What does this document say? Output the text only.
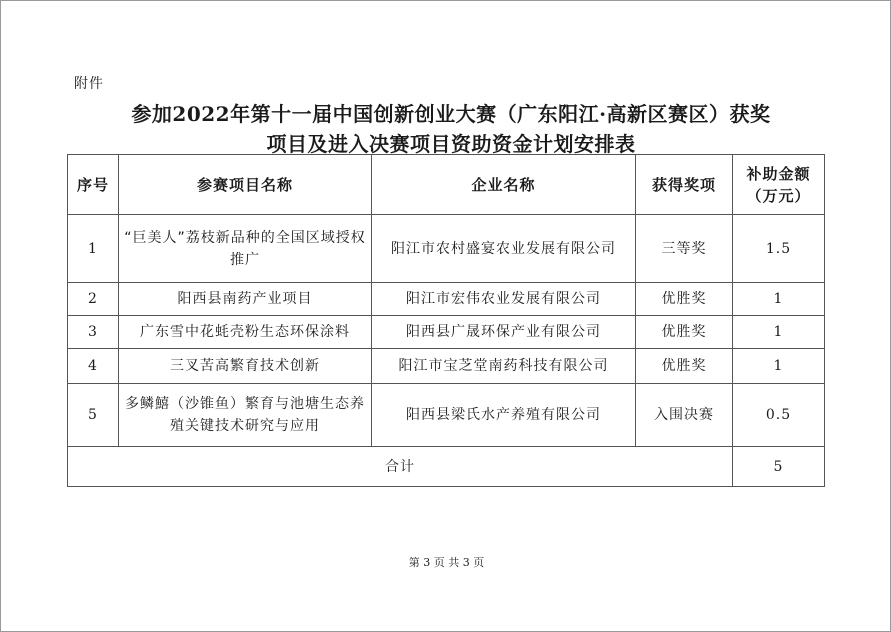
附件
参加2022年第十一届中国创新创业大赛（广东阳江·高新区赛区）获奖
项目及进入决赛项目资助资金计划安排表
序号	参赛项目名称	企业名称	获得奖项	补助金额（万元）
1	“巨美人”荔枝新品种的全国区域授权推广	阳江市农村盛宴农业发展有限公司	三等奖	1.5
2	阳西县南药产业项目	阳江市宏伟农业发展有限公司	优胜奖	1
3	广东雪中花蚝壳粉生态环保涂料	阳西县广晟环保产业有限公司	优胜奖	1
4	三叉苦高繁育技术创新	阳江市宝芝堂南药科技有限公司	优胜奖	1
5	多鳞鱚（沙锥鱼）繁育与池塘生态养殖关键技术研究与应用	阳西县梁氏水产养殖有限公司	入围决赛	0.5
合计				5
第 3 页 共 3 页
